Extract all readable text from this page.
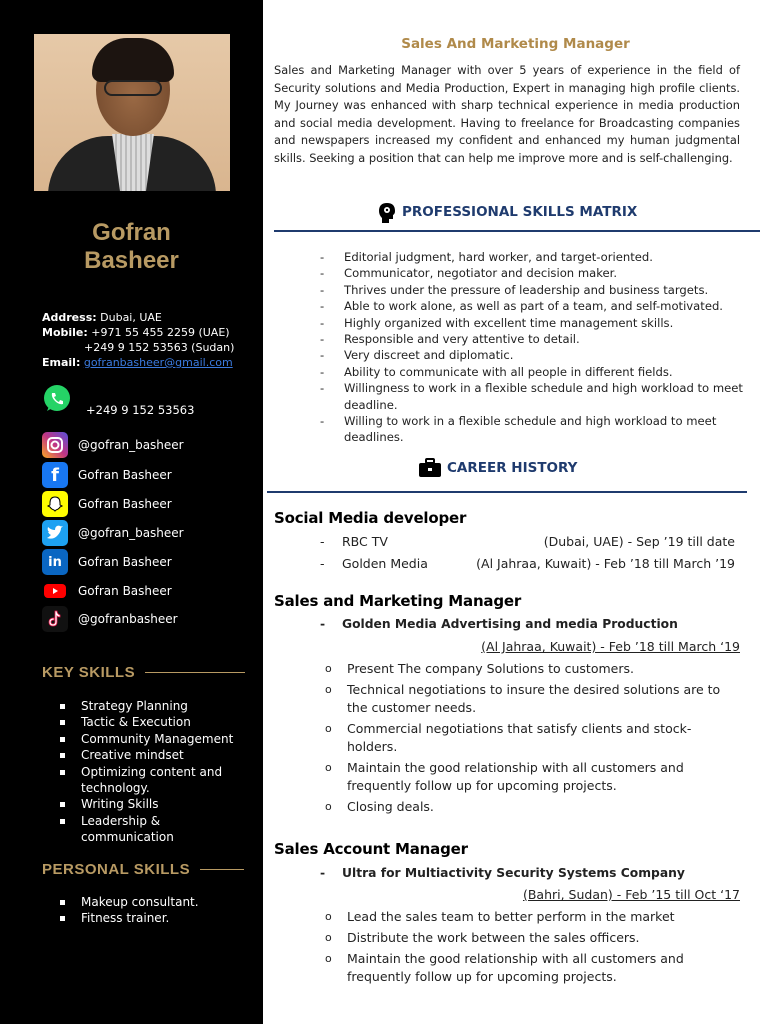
Gofran
Basheer
Address: Dubai, UAE
Mobile: +971 55 455 2259 (UAE)
+249 9 152 53563 (Sudan)
Email: gofranbasheer@gmail.com
+249 9 152 53563
@gofran_basheer
f	Gofran Basheer
Gofran Basheer
@gofran_basheer
in	Gofran Basheer
Gofran Basheer
@gofranbasheer
KEY SKILLS
Strategy Planning
Tactic & Execution
Community Management
Creative mindset
Optimizing content and technology.
Writing Skills
Leadership & communication
PERSONAL SKILLS
Makeup consultant.
Fitness trainer.
Sales And Marketing Manager
Sales and Marketing Manager with over 5 years of experience in the field of Security solutions and Media Production, Expert in managing high profile clients. My Journey was enhanced with sharp technical experience in media production and social media development. Having to freelance for Broadcasting companies and newspapers increased my confident and enhanced my human judgmental skills. Seeking a position that can help me improve more and is self-challenging.
PROFESSIONAL SKILLS MATRIX
- Editorial judgment, hard worker, and target-oriented.
- Communicator, negotiator and decision maker.
- Thrives under the pressure of leadership and business targets.
- Able to work alone, as well as part of a team, and self-motivated.
- Highly organized with excellent time management skills.
- Responsible and very attentive to detail.
- Very discreet and diplomatic.
- Ability to communicate with all people in different fields.
- Willingness to work in a flexible schedule and high workload to meet deadline.
- Willing to work in a flexible schedule and high workload to meet deadlines.
CAREER HISTORY
Social Media developer
- RBC TV	(Dubai, UAE) - Sep ’19 till date
- Golden Media	(Al Jahraa, Kuwait) - Feb ’18 till March ’19
Sales and Marketing Manager
- Golden Media Advertising and media Production
(Al Jahraa, Kuwait) - Feb ’18 till March ‘19
o Present The company Solutions to customers.
o Technical negotiations to insure the desired solutions are to the customer needs.
o Commercial negotiations that satisfy clients and stock-holders.
o Maintain the good relationship with all customers and frequently follow up for upcoming projects.
o Closing deals.
Sales Account Manager
- Ultra for Multiactivity Security Systems Company
(Bahri, Sudan) - Feb ’15 till Oct ‘17
o Lead the sales team to better perform in the market
o Distribute the work between the sales officers.
o Maintain the good relationship with all customers and frequently follow up for upcoming projects.
